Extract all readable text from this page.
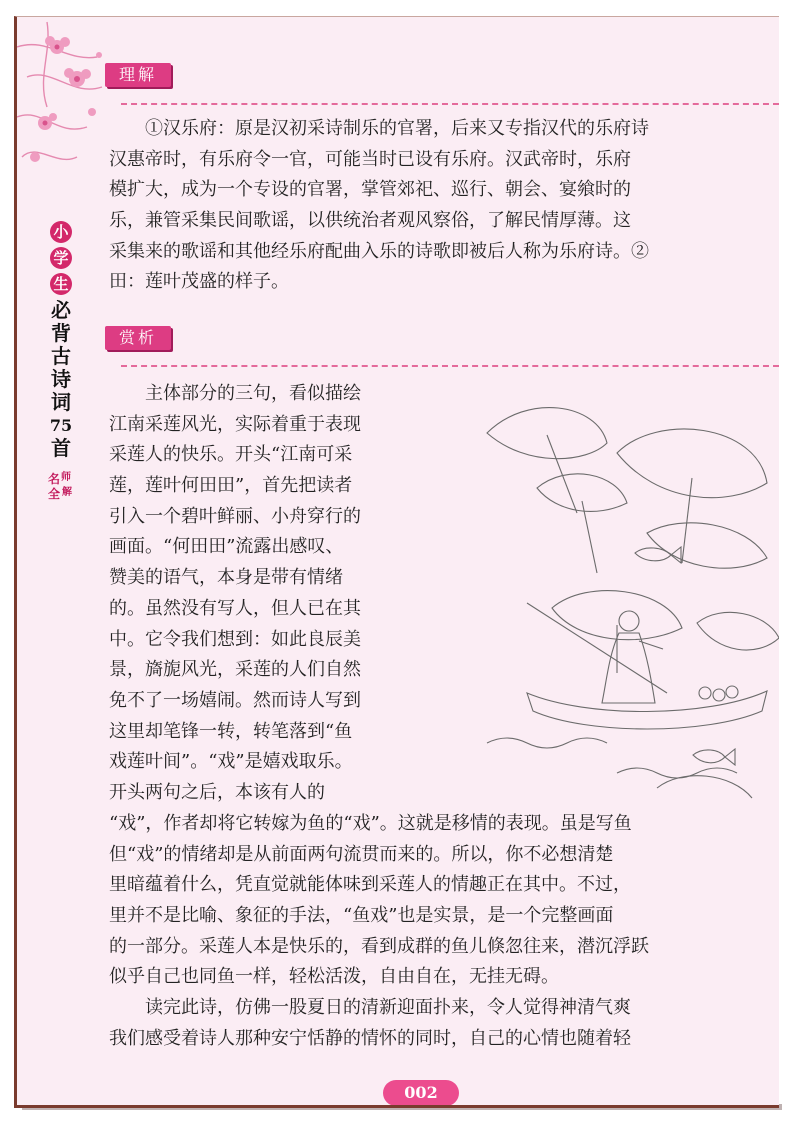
小
学
生
必
背
古
诗
词
75
首
名 师
全 解
理解
①汉乐府：原是汉初采诗制乐的官署，后来又专指汉代的乐府诗
汉惠帝时，有乐府令一官，可能当时已设有乐府。汉武帝时，乐府
模扩大，成为一个专设的官署，掌管郊祀、巡行、朝会、宴飨时的
乐，兼管采集民间歌谣，以供统治者观风察俗，了解民情厚薄。这
采集来的歌谣和其他经乐府配曲入乐的诗歌即被后人称为乐府诗。②
田：莲叶茂盛的样子。
赏析
主体部分的三句，看似描绘
江南采莲风光，实际着重于表现
采莲人的快乐。开头“江南可采
莲，莲叶何田田”，首先把读者
引入一个碧叶鲜丽、小舟穿行的
画面。“何田田”流露出感叹、
赞美的语气，本身是带有情绪
的。虽然没有写人，但人已在其
中。它令我们想到：如此良辰美
景，旖旎风光，采莲的人们自然
免不了一场嬉闹。然而诗人写到
这里却笔锋一转，转笔落到“鱼
戏莲叶间”。“戏”是嬉戏取乐。
开头两句之后，本该有人的
“戏”，作者却将它转嫁为鱼的“戏”。这就是移情的表现。虽是写鱼
但“戏”的情绪却是从前面两句流贯而来的。所以，你不必想清楚
里暗蕴着什么，凭直觉就能体味到采莲人的情趣正在其中。不过，
里并不是比喻、象征的手法，“鱼戏”也是实景，是一个完整画面
的一部分。采莲人本是快乐的，看到成群的鱼儿倏忽往来，潜沉浮跃
似乎自己也同鱼一样，轻松活泼，自由自在，无挂无碍。
读完此诗，仿佛一股夏日的清新迎面扑来，令人觉得神清气爽
我们感受着诗人那种安宁恬静的情怀的同时，自己的心情也随着轻
002
